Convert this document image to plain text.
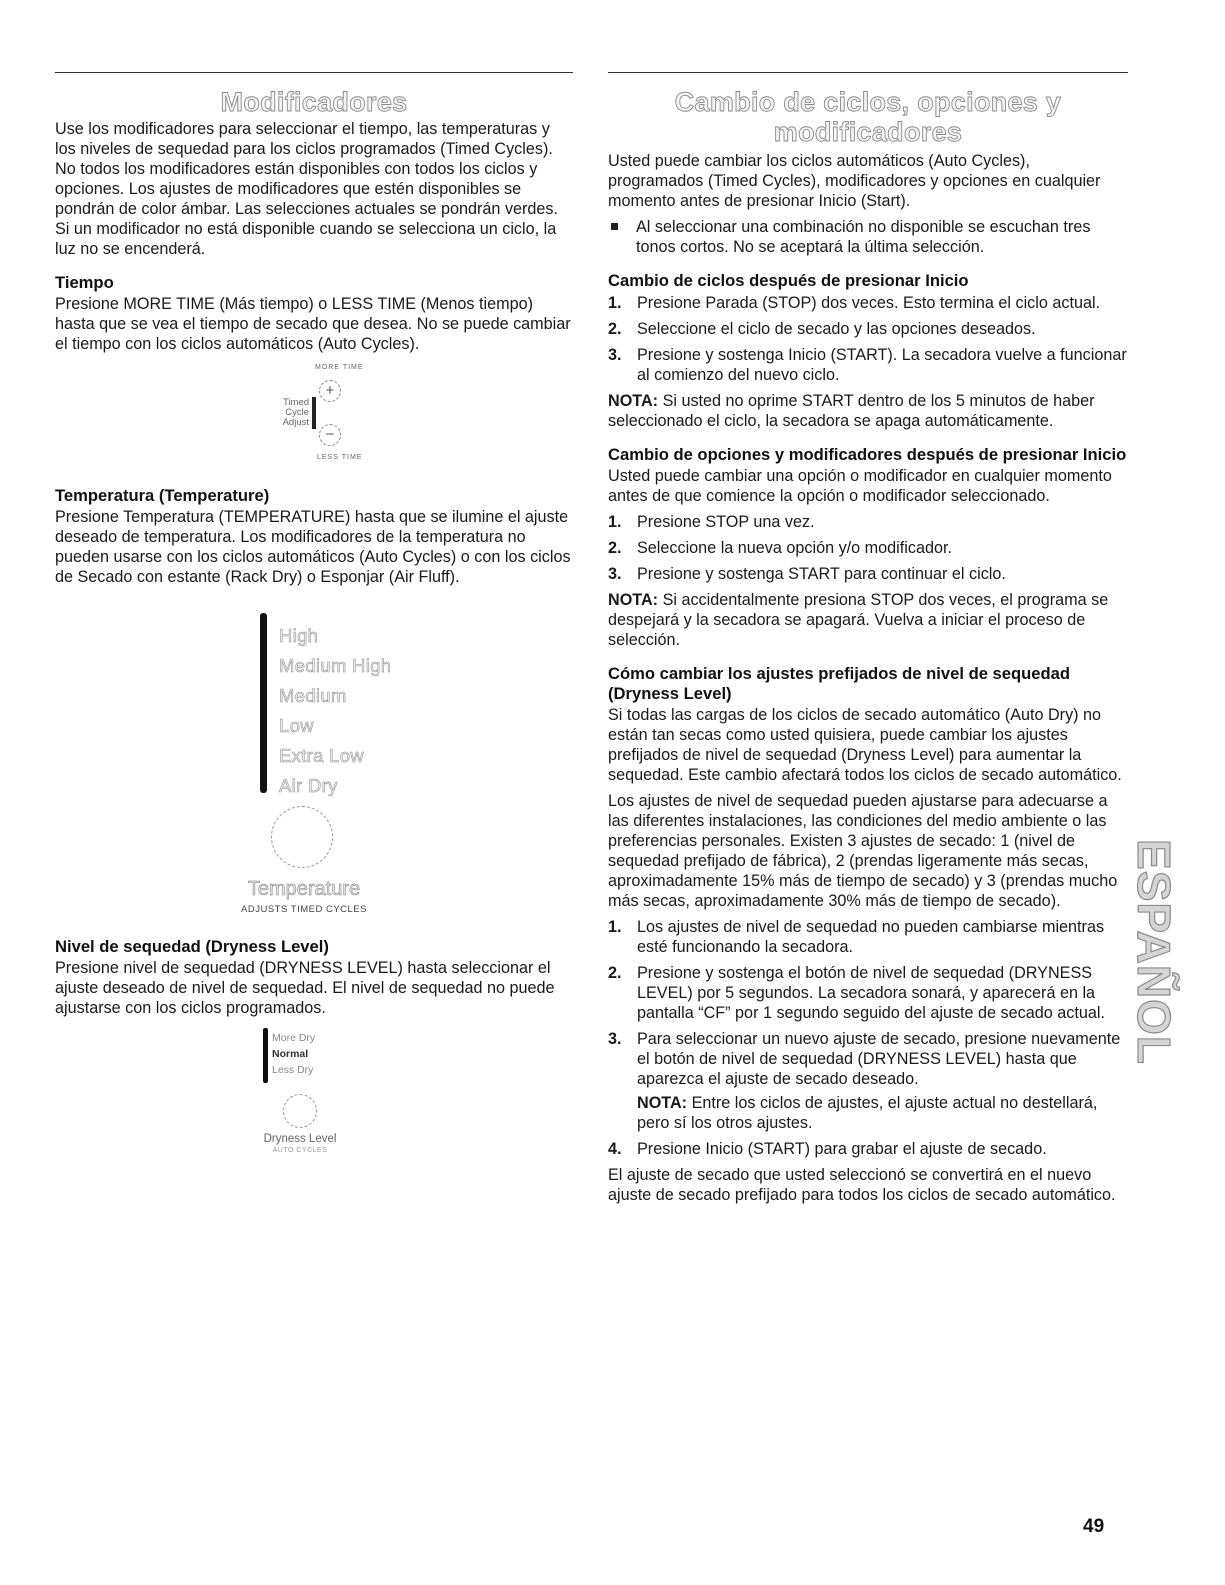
Modificadores

Use los modificadores para seleccionar el tiempo, las temperaturas y los niveles de sequedad para los ciclos programados (Timed Cycles). No todos los modificadores están disponibles con todos los ciclos y opciones. Los ajustes de modificadores que estén disponibles se pondrán de color ámbar. Las selecciones actuales se pondrán verdes. Si un modificador no está disponible cuando se selecciona un ciclo, la luz no se encenderá.

Tiempo

Presione MORE TIME (Más tiempo) o LESS TIME (Menos tiempo) hasta que se vea el tiempo de secado que desea. No se puede cambiar el tiempo con los ciclos automáticos (Auto Cycles).

MORE TIME
Timed
Cycle
Adjust
+
−
LESS TIME
Temperatura (Temperature)

Presione Temperatura (TEMPERATURE) hasta que se ilumine el ajuste deseado de temperatura. Los modificadores de la temperatura no pueden usarse con los ciclos automáticos (Auto Cycles) o con los ciclos de Secado con estante (Rack Dry) o Esponjar (Air Fluff).

High
Medium High
Medium
Low
Extra Low
Air Dry
Temperature
ADJUSTS TIMED CYCLES
Nivel de sequedad (Dryness Level)

Presione nivel de sequedad (DRYNESS LEVEL) hasta seleccionar el ajuste deseado de nivel de sequedad. El nivel de sequedad no puede ajustarse con los ciclos programados.

More Dry
Normal
Less Dry
Dryness Level
AUTO CYCLES
Cambio de ciclos, opciones y
modificadores

Usted puede cambiar los ciclos automáticos (Auto Cycles), programados (Timed Cycles), modificadores y opciones en cualquier momento antes de presionar Inicio (Start).

Al seleccionar una combinación no disponible se escuchan tres tonos cortos. No se aceptará la última selección.
Cambio de ciclos después de presionar Inicio
1. Presione Parada (STOP) dos veces. Esto termina el ciclo actual.
2. Seleccione el ciclo de secado y las opciones deseados.
3. Presione y sostenga Inicio (START). La secadora vuelve a funcionar al comienzo del nuevo ciclo.

NOTA: Si usted no oprime START dentro de los 5 minutos de haber seleccionado el ciclo, la secadora se apaga automáticamente.

Cambio de opciones y modificadores después de presionar Inicio

Usted puede cambiar una opción o modificador en cualquier momento antes de que comience la opción o modificador seleccionado.

1. Presione STOP una vez.
2. Seleccione la nueva opción y/o modificador.
3. Presione y sostenga START para continuar el ciclo.

NOTA: Si accidentalmente presiona STOP dos veces, el programa se despejará y la secadora se apagará. Vuelva a iniciar el proceso de selección.

Cómo cambiar los ajustes prefijados de nivel de sequedad (Dryness Level)

Si todas las cargas de los ciclos de secado automático (Auto Dry) no están tan secas como usted quisiera, puede cambiar los ajustes prefijados de nivel de sequedad (Dryness Level) para aumentar la sequedad. Este cambio afectará todos los ciclos de secado automático.

Los ajustes de nivel de sequedad pueden ajustarse para adecuarse a las diferentes instalaciones, las condiciones del medio ambiente o las preferencias personales. Existen 3 ajustes de secado: 1 (nivel de sequedad prefijado de fábrica), 2 (prendas ligeramente más secas, aproximadamente 15% más de tiempo de secado) y 3 (prendas mucho más secas, aproximadamente 30% más de tiempo de secado).

1. Los ajustes de nivel de sequedad no pueden cambiarse mientras esté funcionando la secadora.
2. Presione y sostenga el botón de nivel de sequedad (DRYNESS LEVEL) por 5 segundos. La secadora sonará, y aparecerá en la pantalla “CF” por 1 segundo seguido del ajuste de secado actual.
3. Para seleccionar un nuevo ajuste de secado, presione nuevamente el botón de nivel de sequedad (DRYNESS LEVEL) hasta que aparezca el ajuste de secado deseado.
NOTA: Entre los ciclos de ajustes, el ajuste actual no destellará, pero sí los otros ajustes.
4. Presione Inicio (START) para grabar el ajuste de secado.

El ajuste de secado que usted seleccionó se convertirá en el nuevo ajuste de secado prefijado para todos los ciclos de secado automático.

ESPAÑOL
49
